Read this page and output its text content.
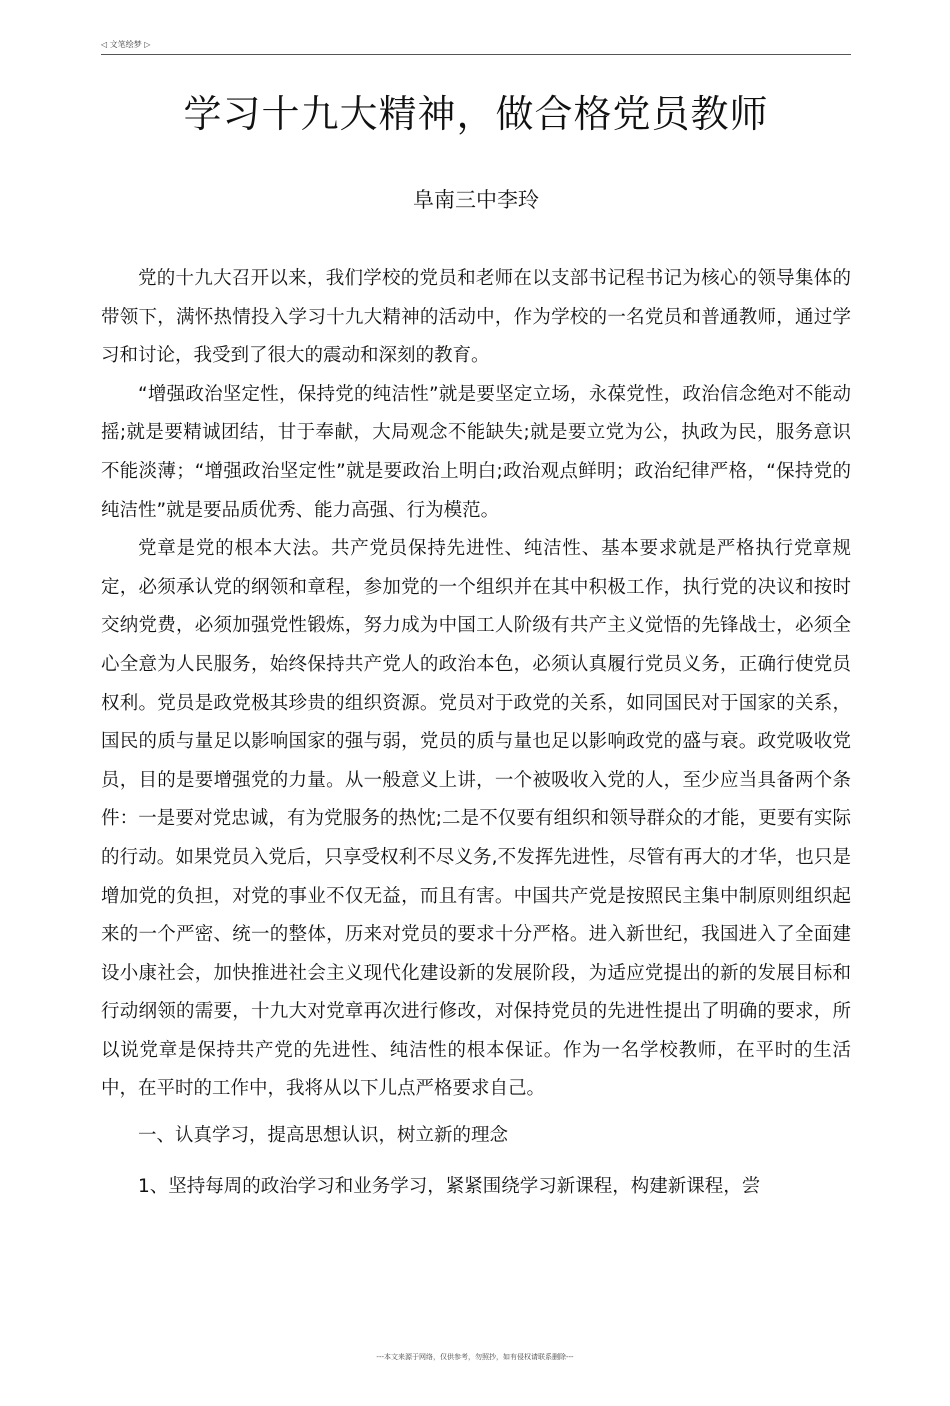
◁ 文笔绘梦 ▷
学习十九大精神，做合格党员教师
阜南三中李玲

党的十九大召开以来，我们学校的党员和老师在以支部书记程书记为核心的领导集体的带领下，满怀热情投入学习十九大精神的活动中，作为学校的一名党员和普通教师，通过学习和讨论，我受到了很大的震动和深刻的教育。

“增强政治坚定性，保持党的纯洁性”就是要坚定立场，永葆党性，政治信念绝对不能动摇;就是要精诚团结，甘于奉献，大局观念不能缺失;就是要立党为公，执政为民，服务意识不能淡薄；“增强政治坚定性”就是要政治上明白;政治观点鲜明；政治纪律严格，“保持党的纯洁性”就是要品质优秀、能力高强、行为模范。

党章是党的根本大法。共产党员保持先进性、纯洁性、基本要求就是严格执行党章规定，必须承认党的纲领和章程，参加党的一个组织并在其中积极工作，执行党的决议和按时交纳党费，必须加强党性锻炼，努力成为中国工人阶级有共产主义觉悟的先锋战士，必须全心全意为人民服务，始终保持共产党人的政治本色，必须认真履行党员义务，正确行使党员权利。党员是政党极其珍贵的组织资源。党员对于政党的关系，如同国民对于国家的关系，国民的质与量足以影响国家的强与弱，党员的质与量也足以影响政党的盛与衰。政党吸收党员，目的是要增强党的力量。从一般意义上讲，一个被吸收入党的人，至少应当具备两个条件：一是要对党忠诚，有为党服务的热忱;二是不仅要有组织和领导群众的才能，更要有实际的行动。如果党员入党后，只享受权利不尽义务,不发挥先进性，尽管有再大的才华，也只是增加党的负担，对党的事业不仅无益，而且有害。中国共产党是按照民主集中制原则组织起来的一个严密、统一的整体，历来对党员的要求十分严格。进入新世纪，我国进入了全面建设小康社会，加快推进社会主义现代化建设新的发展阶段，为适应党提出的新的发展目标和行动纲领的需要，十九大对党章再次进行修改，对保持党员的先进性提出了明确的要求，所以说党章是保持共产党的先进性、纯洁性的根本保证。作为一名学校教师，在平时的生活中，在平时的工作中，我将从以下儿点严格要求自己。

一、认真学习，提高思想认识，树立新的理念

1、坚持每周的政治学习和业务学习，紧紧围绕学习新课程，构建新课程，尝

---本文来源于网络，仅供参考，勿照抄，如有侵权请联系删除---
